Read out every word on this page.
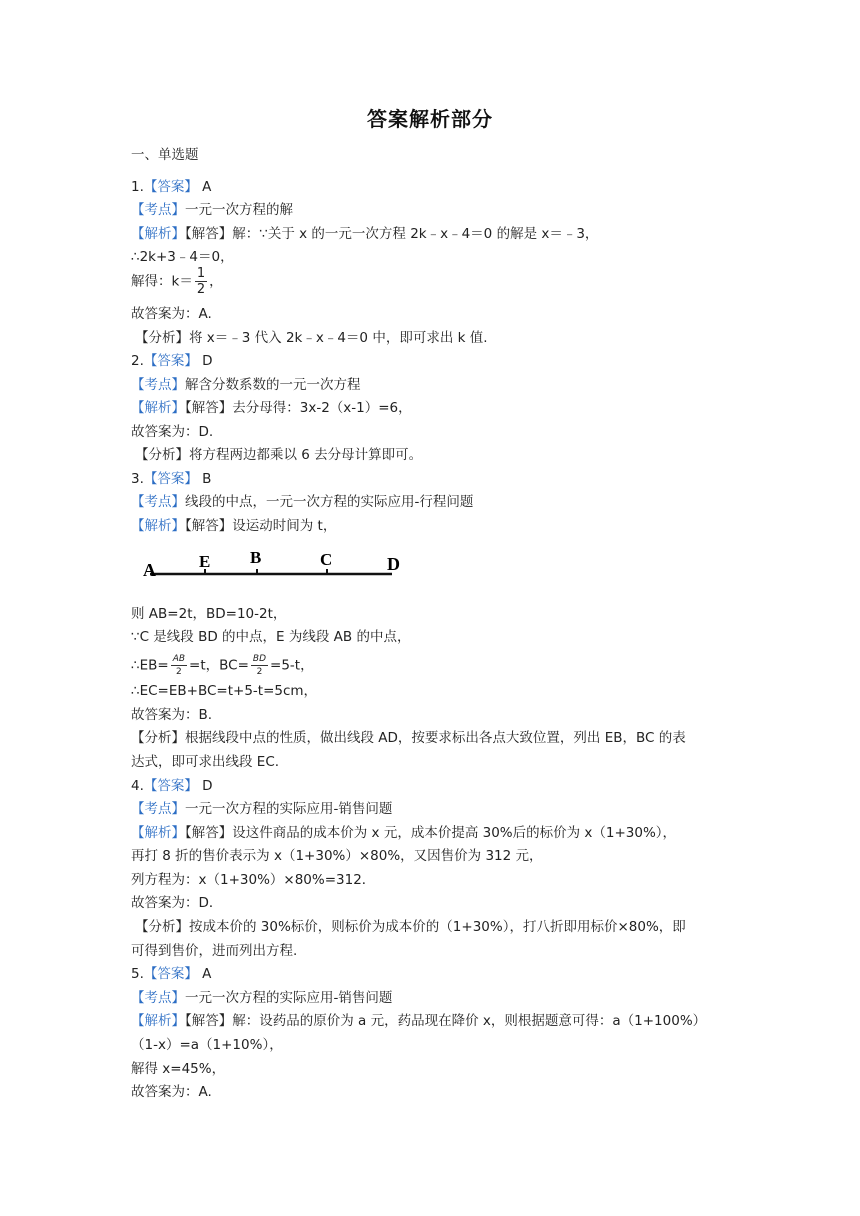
答案解析部分
一、单选题
1.【答案】 A
【考点】一元一次方程的解
【解析】【解答】解：∵关于 x 的一元一次方程 2k﹣x﹣4＝0 的解是 x＝﹣3，
∴2k+3﹣4＝0，
解得：$k= \frac{1}{2}$ ，
故答案为：A.
【分析】将 x＝﹣3 代入 2k﹣x﹣4＝0 中，即可求出 k 值.
2.【答案】 D
【考点】解含分数系数的一元一次方程
【解析】【解答】去分母得：3x-2（x-1）=6，
故答案为：D.
【分析】将方程两边都乘以 6 去分母计算即可。
3.【答案】 B
【考点】线段的中点，一元一次方程的实际应用-行程问题
【解析】【解答】设运动时间为 t，
A	E B	C	D
则 AB=2t，BD=10-2t，
∵C 是线段 BD 的中点，E 为线段 AB 的中点，
∴EB= $\frac{AB}{2} =t$，$BC= \frac{BD}{2} =5-t$，
∴EC=EB+BC=t+5-t=5cm，
故答案为：B.
【分析】根据线段中点的性质，做出线段 AD，按要求标出各点大致位置，列出 EB，BC 的表
达式，即可求出线段 EC.
4.【答案】 D
【考点】一元一次方程的实际应用-销售问题
【解析】【解答】设这件商品的成本价为 x 元，成本价提高 30%后的标价为 x（1+30%），
再打 8 折的售价表示为 x（1+30%）×80%，又因售价为 312 元，
列方程为：x（1+30%）×80%=312．
故答案为：D．
【分析】按成本价的 30%标价，则标价为成本价的（1+30%），打八折即用标价×80%，即
可得到售价，进而列出方程.
5.【答案】 A
【考点】一元一次方程的实际应用-销售问题
【解析】【解答】解：设药品的原价为 a 元，药品现在降价 x，则根据题意可得：a（1+100%）
（1-x）=a（1+10%），
解得 x=45%，
故答案为：A.
